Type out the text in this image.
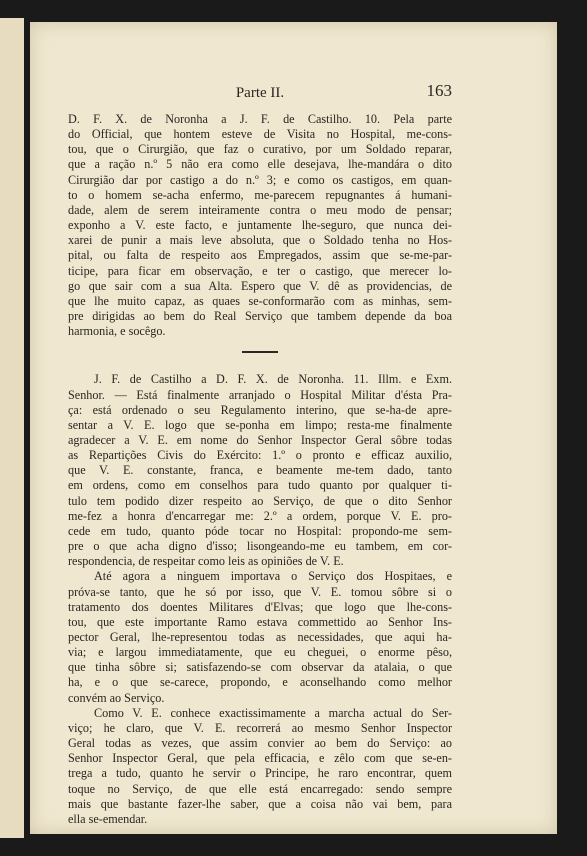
Parte II.	163

D. F. X. de Noronha a J. F. de Castilho. 10. Pela parte
do Official, que hontem esteve de Visita no Hospital, me-cons-
tou, que o Cirurgião, que faz o curativo, por um Soldado reparar,
que a ração n.º 5 não era como elle desejava, lhe-mandára o dito
Cirurgião dar por castigo a do n.º 3; e como os castigos, em quan-
to o homem se-acha enfermo, me-parecem repugnantes á humani-
dade, alem de serem inteiramente contra o meu modo de pensar;
exponho a V. este facto, e juntamente lhe-seguro, que nunca dei-
xarei de punir a mais leve absoluta, que o Soldado tenha no Hos-
pital, ou falta de respeito aos Empregados, assim que se-me-par-
ticipe, para ficar em observação, e ter o castigo, que merecer lo-
go que sair com a sua Alta. Espero que V. dê as providencias, de
que lhe muito capaz, as quaes se-conformarão com as minhas, sem-
pre dirigidas ao bem do Real Serviço que tambem depende da boa
harmonia, e socêgo.

J. F. de Castilho a D. F. X. de Noronha. 11. Illm. e Exm.
Senhor. — Está finalmente arranjado o Hospital Militar d'ésta Pra-
ça: está ordenado o seu Regulamento interino, que se-ha-de apre-
sentar a V. E. logo que se-ponha em limpo; resta-me finalmente
agradecer a V. E. em nome do Senhor Inspector Geral sôbre todas
as Repartições Civis do Exército: 1.º o pronto e efficaz auxilio,
que V. E. constante, franca, e beamente me-tem dado, tanto
em ordens, como em conselhos para tudo quanto por qualquer ti-
tulo tem podido dizer respeito ao Serviço, de que o dito Senhor
me-fez a honra d'encarregar me: 2.º a ordem, porque V. E. pro-
cede em tudo, quanto póde tocar no Hospital: propondo-me sem-
pre o que acha digno d'isso; lisongeando-me eu tambem, em cor-
respondencia, de respeitar como leis as opiniões de V. E.

Até agora a ninguem importava o Serviço dos Hospitaes, e
próva-se tanto, que he só por isso, que V. E. tomou sôbre si o
tratamento dos doentes Militares d'Elvas; que logo que lhe-cons-
tou, que este importante Ramo estava commettido ao Senhor Ins-
pector Geral, lhe-representou todas as necessidades, que aqui ha-
via; e largou immediatamente, que eu cheguei, o enorme pêso,
que tinha sôbre si; satisfazendo-se com observar da atalaia, o que
ha, e o que se-carece, propondo, e aconselhando como melhor
convém ao Serviço.

Como V. E. conhece exactissimamente a marcha actual do Ser-
viço; he claro, que V. E. recorrerá ao mesmo Senhor Inspector
Geral todas as vezes, que assim convier ao bem do Serviço: ao
Senhor Inspector Geral, que pela efficacia, e zêlo com que se-en-
trega a tudo, quanto he servir o Principe, he raro encontrar, quem
toque no Serviço, de que elle está encarregado: sendo sempre
mais que bastante fazer-lhe saber, que a coisa não vai bem, para
ella se-emendar.
